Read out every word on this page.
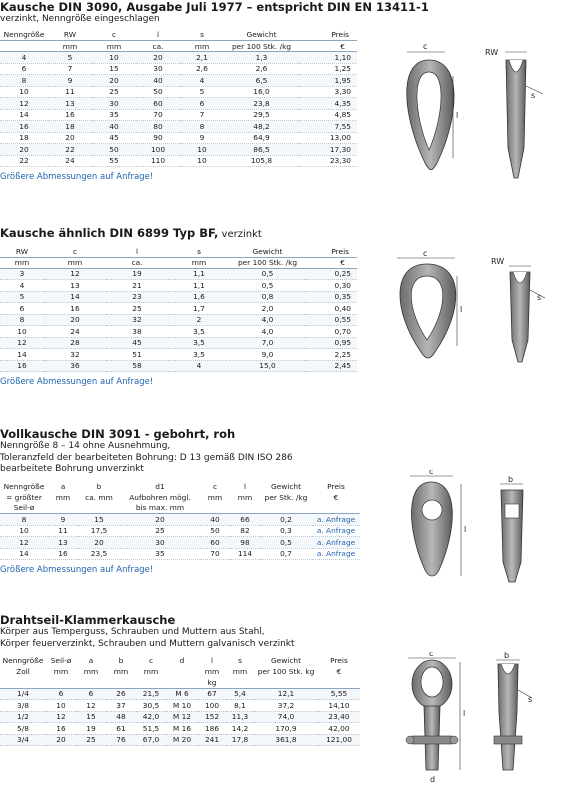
Kausche DIN 3090, Ausgabe Juli 1977 – entspricht DIN EN 13411-1
verzinkt, Nenngröße eingeschlagen
Nenngröße	RW	c	l	s	Gewicht	Preis
	mm	mm	ca.	mm	per 100 Stk. /kg	€
4	5	10	20	2,1	1,3	1,10
6	7	15	30	2,6	2,6	1,25
8	9	20	40	4	6,5	1,95
10	11	25	50	5	16,0	3,30
12	13	30	60	6	23,8	4,35
14	16	35	70	7	29,5	4,85
16	18	40	80	8	48,2	7,55
18	20	45	90	9	64,9	13,00
20	22	50	100	10	86,5	17,30
22	24	55	110	10	105,8	23,30
Größere Abmessungen auf Anfrage!
c
l
RW
s
Kausche ähnlich DIN 6899 Typ BF, verzinkt
RW	c	l	s	Gewicht	Preis
mm	mm	ca.	mm	per 100 Stk. /kg	€
3	12	19	1,1	0,5	0,25
4	13	21	1,1	0,5	0,30
5	14	23	1,6	0,8	0,35
6	16	25	1,7	2,0	0,40
8	20	32	2	4,0	0,55
10	24	38	3,5	4,0	0,70
12	28	45	3,5	7,0	0,95
14	32	51	3,5	9,0	2,25
16	36	58	4	15,0	2,45
Größere Abmessungen auf Anfrage!
c
l
RW
s
Vollkausche DIN 3091 - gebohrt, roh
Nenngröße 8 – 14 ohne Ausnehmung,
Toleranzfeld der bearbeiteten Bohrung: D 13 gemäß DIN ISO 286
bearbeitete Bohrung unverzinkt
Nenngröße	a	b	d1	c	l	Gewicht	Preis
= größter	mm	ca. mm	Aufbohren mögl.	mm	mm	per Stk. /kg	€
Seil-ø			bis max. mm				
8	9	15	20	40	66	0,2	a. Anfrage
10	11	17,5	25	50	82	0,3	a. Anfrage
12	13	20	30	60	98	0,5	a. Anfrage
14	16	23,5	35	70	114	0,7	a. Anfrage
Größere Abmessungen auf Anfrage!
c
l
b
Drahtseil-Klammerkausche
Körper aus Temperguss, Schrauben und Muttern aus Stahl,
Körper feuerverzinkt, Schrauben und Muttern galvanisch verzinkt
Nenngröße	Seil-ø	a	b	c	d	l	s	Gewicht	Preis
Zoll	mm	mm	mm	mm		mm	mm	per 100 Stk. kg	€
						kg			
1/4	6	6	26	21,5	M 6	67	5,4	12,1	5,55
3/8	10	12	37	30,5	M 10	100	8,1	37,2	14,10
1/2	12	15	48	42,0	M 12	152	11,3	74,0	23,40
5/8	16	19	61	51,5	M 16	186	14,2	170,9	42,00
3/4	20	25	76	67,0	M 20	241	17,8	361,8	121,00
c
l
d
b
s
